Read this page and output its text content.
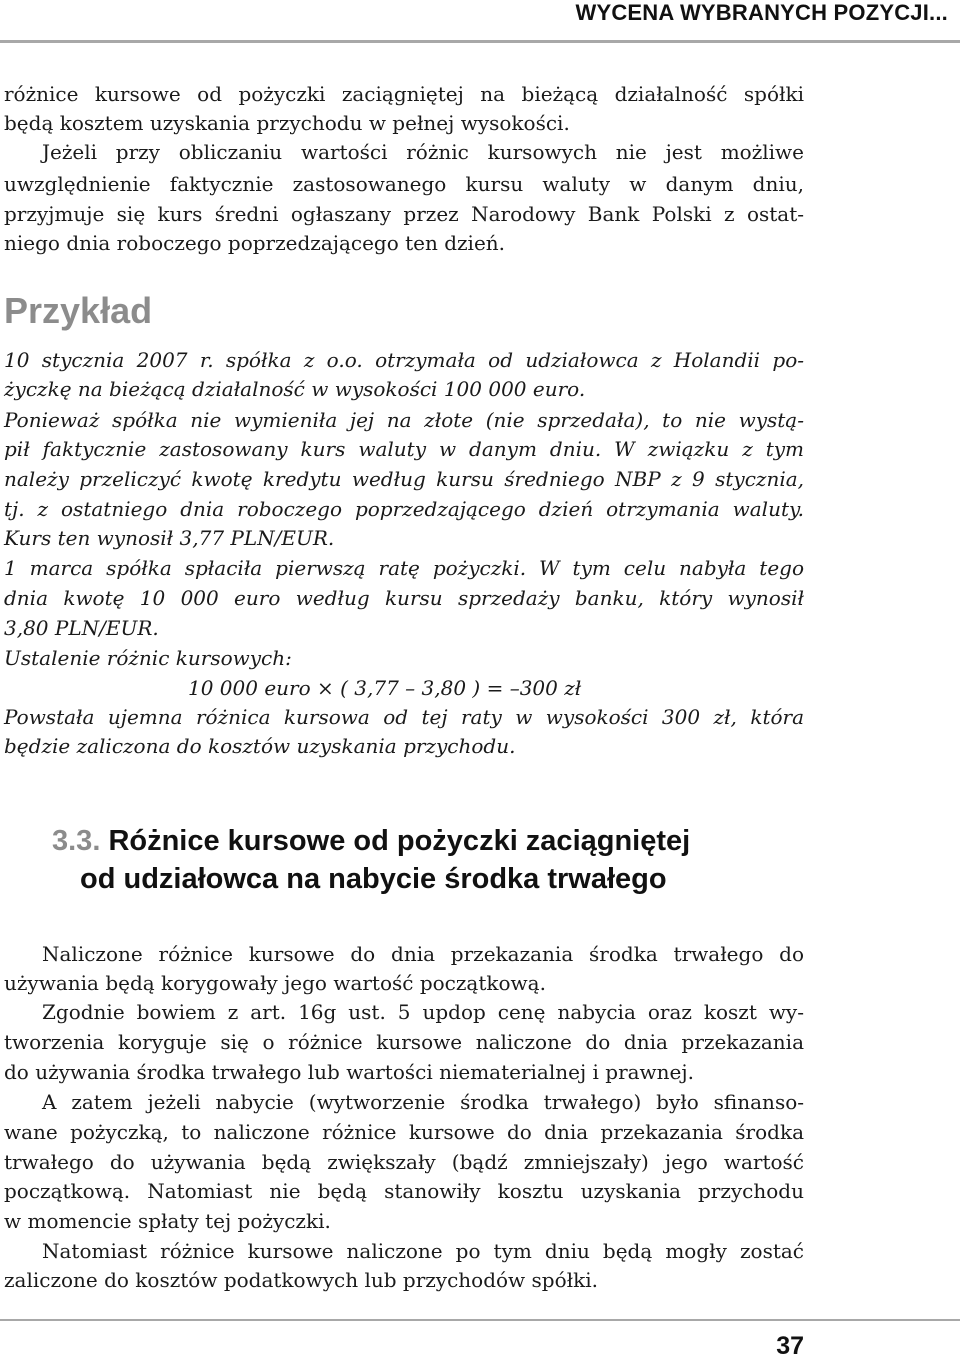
WYCENA WYBRANYCH POZYCJI...
różnice kursowe od pożyczki zaciągniętej na bieżącą działalność spółki
będą kosztem uzyskania przychodu w pełnej wysokości.
Jeżeli przy obliczaniu wartości różnic kursowych nie jest możliwe
uwzględnienie faktycznie zastosowanego kursu waluty w danym dniu,
przyjmuje się kurs średni ogłaszany przez Narodowy Bank Polski z ostat-
niego dnia roboczego poprzedzającego ten dzień.
Przykład
10 stycznia 2007 r. spółka z o.o. otrzymała od udziałowca z Holandii po-
życzkę na bieżącą działalność w wysokości 100 000 euro.
Ponieważ spółka nie wymieniła jej na złote (nie sprzedała), to nie wystą-
pił faktycznie zastosowany kurs waluty w danym dniu. W związku z tym
należy przeliczyć kwotę kredytu według kursu średniego NBP z 9 stycznia,
tj. z ostatniego dnia roboczego poprzedzającego dzień otrzymania waluty.
Kurs ten wynosił 3,77 PLN/EUR.
1 marca spółka spłaciła pierwszą ratę pożyczki. W tym celu nabyła tego
dnia kwotę 10 000 euro według kursu sprzedaży banku, który wynosił
3,80 PLN/EUR.
Ustalenie różnic kursowych:
10 000 euro × ( 3,77 – 3,80 ) = –300 zł
Powstała ujemna różnica kursowa od tej raty w wysokości 300 zł, która
będzie zaliczona do kosztów uzyskania przychodu.
3.3. Różnice kursowe od pożyczki zaciągniętej
od udziałowca na nabycie środka trwałego
Naliczone różnice kursowe do dnia przekazania środka trwałego do
używania będą korygowały jego wartość początkową.
Zgodnie bowiem z art. 16g ust. 5 updop cenę nabycia oraz koszt wy-
tworzenia koryguje się o różnice kursowe naliczone do dnia przekazania
do używania środka trwałego lub wartości niematerialnej i prawnej.
A zatem jeżeli nabycie (wytworzenie środka trwałego) było sfinanso-
wane pożyczką, to naliczone różnice kursowe do dnia przekazania środka
trwałego do używania będą zwiększały (bądź zmniejszały) jego wartość
początkową. Natomiast nie będą stanowiły kosztu uzyskania przychodu
w momencie spłaty tej pożyczki.
Natomiast różnice kursowe naliczone po tym dniu będą mogły zostać
zaliczone do kosztów podatkowych lub przychodów spółki.
37
